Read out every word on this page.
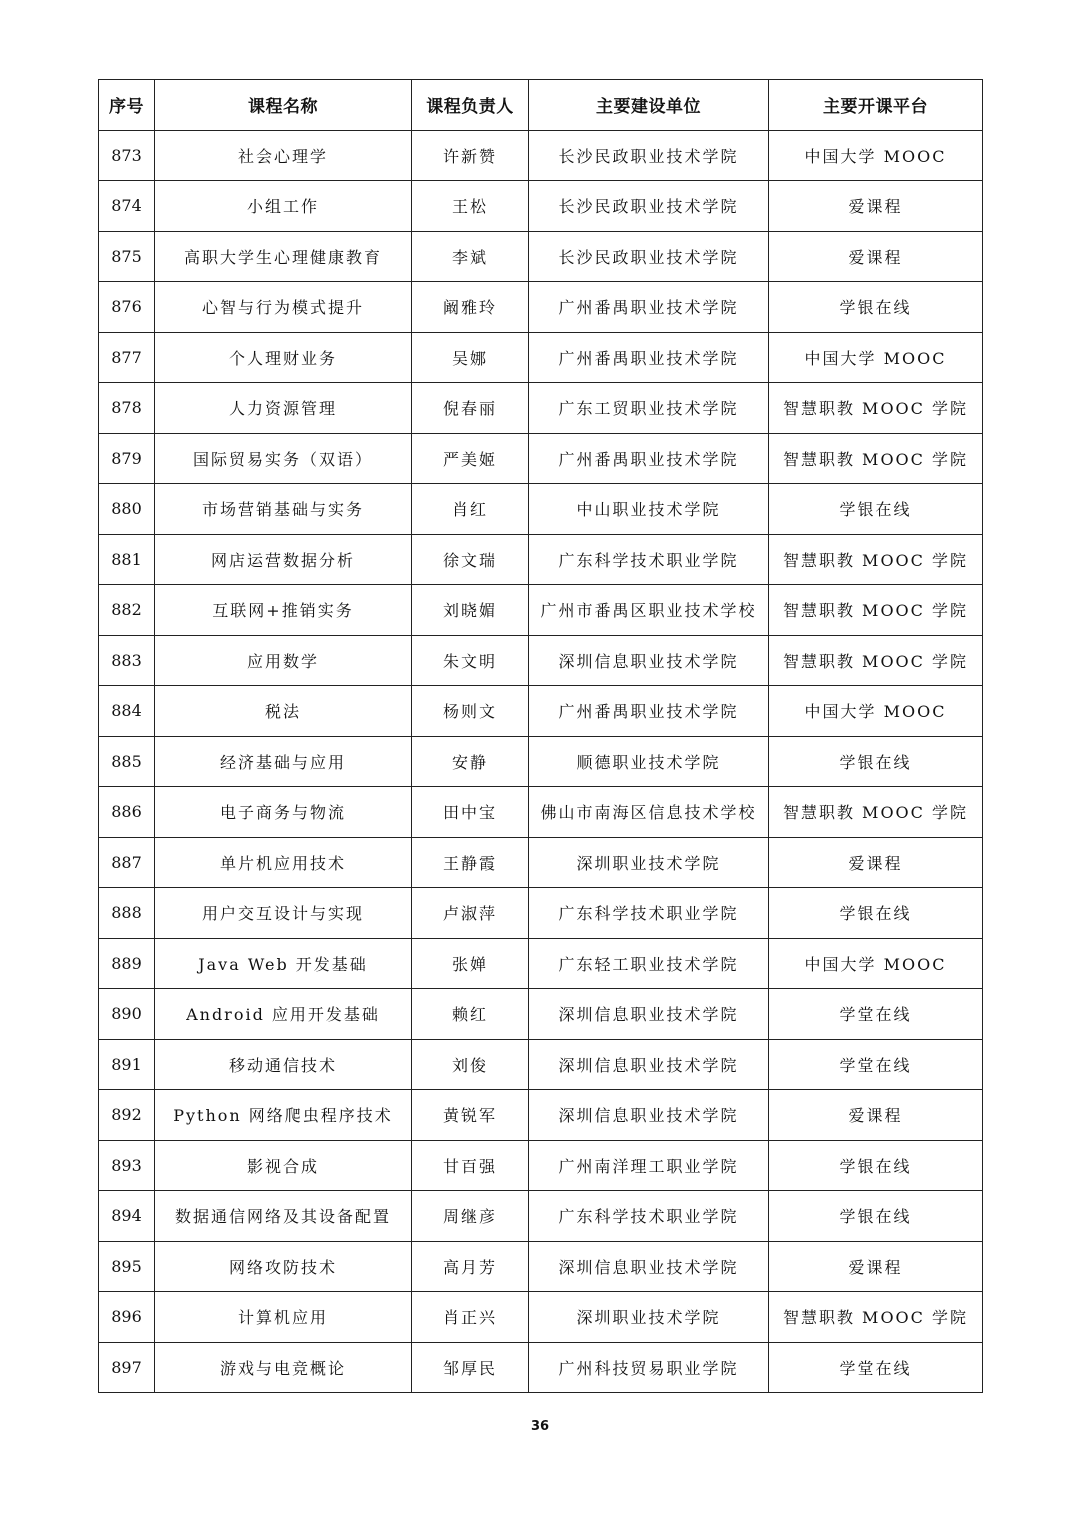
序号	课程名称	课程负责人	主要建设单位	主要开课平台
873	社会心理学	许新赞	长沙民政职业技术学院	中国大学 MOOC
874	小组工作	王松	长沙民政职业技术学院	爱课程
875	高职大学生心理健康教育	李斌	长沙民政职业技术学院	爱课程
876	心智与行为模式提升	阚雅玲	广州番禺职业技术学院	学银在线
877	个人理财业务	吴娜	广州番禺职业技术学院	中国大学 MOOC
878	人力资源管理	倪春丽	广东工贸职业技术学院	智慧职教 MOOC 学院
879	国际贸易实务（双语）	严美姬	广州番禺职业技术学院	智慧职教 MOOC 学院
880	市场营销基础与实务	肖红	中山职业技术学院	学银在线
881	网店运营数据分析	徐文瑞	广东科学技术职业学院	智慧职教 MOOC 学院
882	互联网+推销实务	刘晓媚	广州市番禺区职业技术学校	智慧职教 MOOC 学院
883	应用数学	朱文明	深圳信息职业技术学院	智慧职教 MOOC 学院
884	税法	杨则文	广州番禺职业技术学院	中国大学 MOOC
885	经济基础与应用	安静	顺德职业技术学院	学银在线
886	电子商务与物流	田中宝	佛山市南海区信息技术学校	智慧职教 MOOC 学院
887	单片机应用技术	王静霞	深圳职业技术学院	爱课程
888	用户交互设计与实现	卢淑萍	广东科学技术职业学院	学银在线
889	Java Web 开发基础	张婵	广东轻工职业技术学院	中国大学 MOOC
890	Android 应用开发基础	赖红	深圳信息职业技术学院	学堂在线
891	移动通信技术	刘俊	深圳信息职业技术学院	学堂在线
892	Python 网络爬虫程序技术	黄锐军	深圳信息职业技术学院	爱课程
893	影视合成	甘百强	广州南洋理工职业学院	学银在线
894	数据通信网络及其设备配置	周继彦	广东科学技术职业学院	学银在线
895	网络攻防技术	高月芳	深圳信息职业技术学院	爱课程
896	计算机应用	肖正兴	深圳职业技术学院	智慧职教 MOOC 学院
897	游戏与电竞概论	邹厚民	广州科技贸易职业学院	学堂在线
36
